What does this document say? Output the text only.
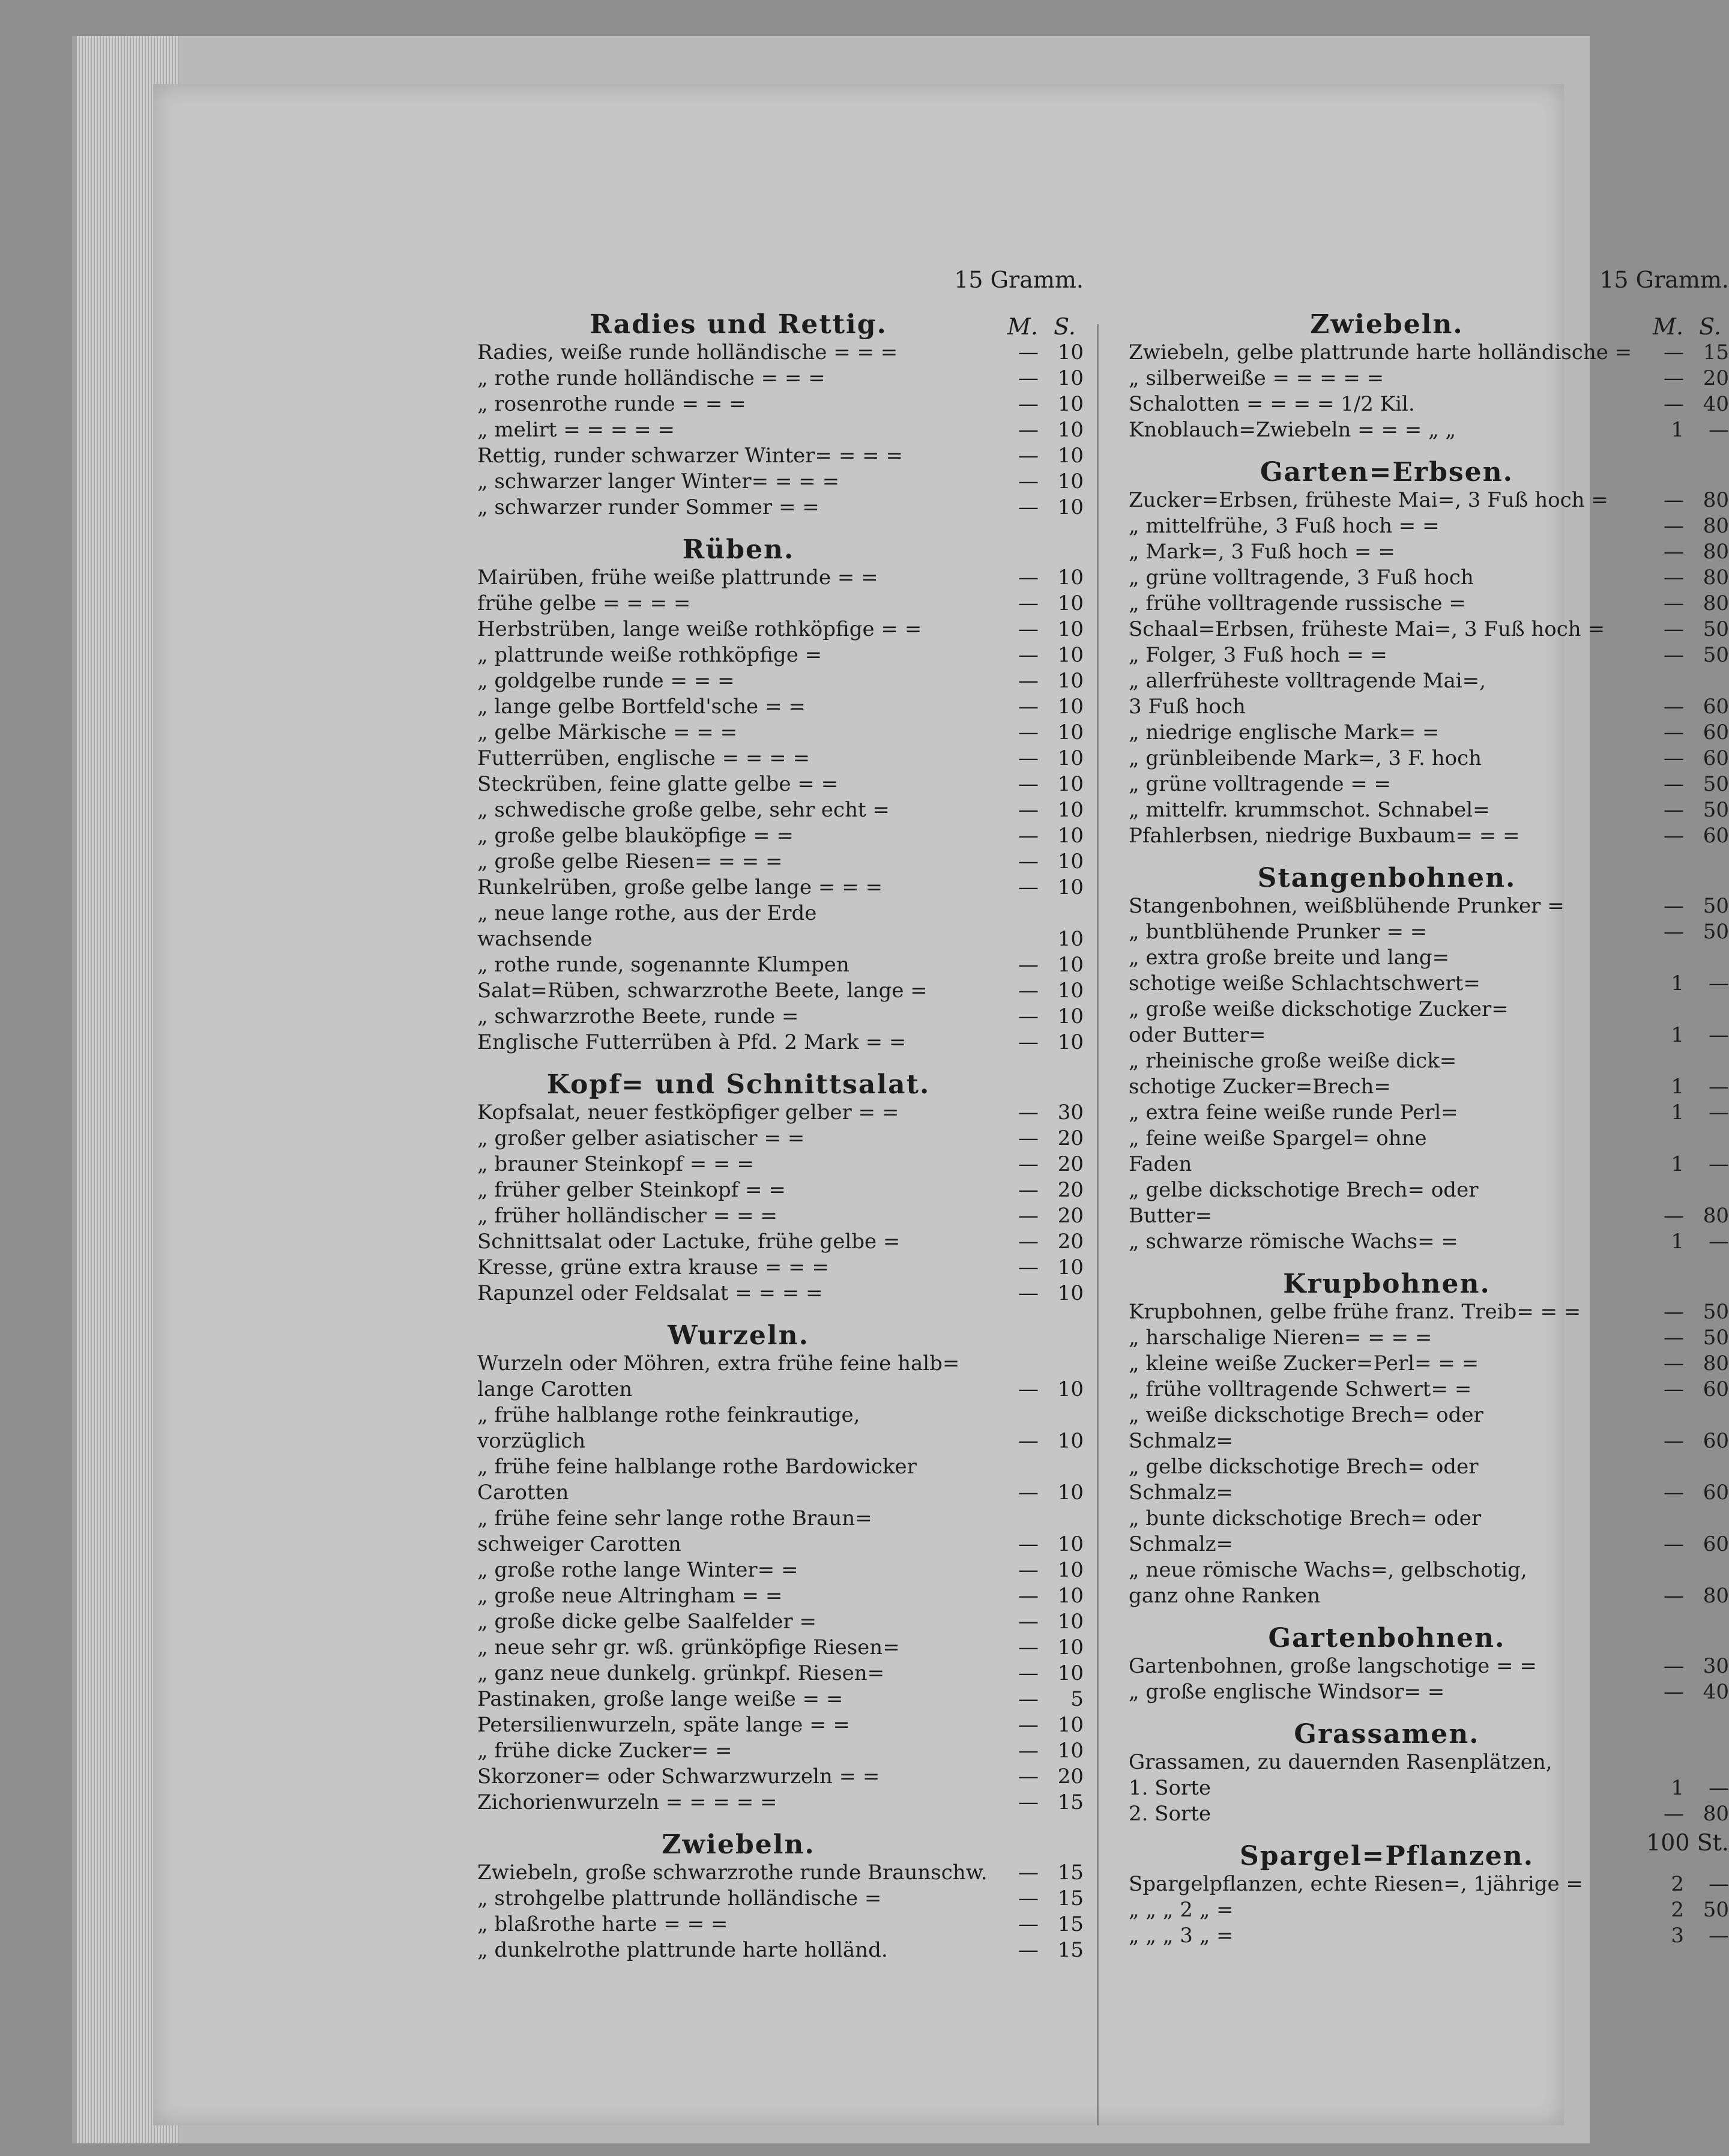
15 Gramm.
Radies und Rettig.	M. S.
Radies, weiße runde holländische = = =	— 10
„ rothe runde holländische = = =	— 10
„ rosenrothe runde = = =	— 10
„ melirt = = = = =	— 10
Rettig, runder schwarzer Winter= = = =	— 10
„ schwarzer langer Winter= = = =	— 10
„ schwarzer runder Sommer = =	— 10
Rüben.
Mairüben, frühe weiße plattrunde = =	— 10
frühe gelbe = = = =	— 10
Herbstrüben, lange weiße rothköpfige = =	— 10
„ plattrunde weiße rothköpfige =	— 10
„ goldgelbe runde = = =	— 10
„ lange gelbe Bortfeld'sche = =	— 10
„ gelbe Märkische = = =	— 10
Futterrüben, englische = = = =	— 10
Steckrüben, feine glatte gelbe = =	— 10
„ schwedische große gelbe, sehr echt =	— 10
„ große gelbe blauköpfige = =	— 10
„ große gelbe Riesen= = = =	— 10
Runkelrüben, große gelbe lange = = =	— 10
„ neue lange rothe, aus der Erde
wachsende	10
„ rothe runde, sogenannte Klumpen	— 10
Salat=Rüben, schwarzrothe Beete, lange =	— 10
„ schwarzrothe Beete, runde =	— 10
Englische Futterrüben à Pfd. 2 Mark = =	— 10
Kopf= und Schnittsalat.
Kopfsalat, neuer festköpfiger gelber = =	— 30
„ großer gelber asiatischer = =	— 20
„ brauner Steinkopf = = =	— 20
„ früher gelber Steinkopf = =	— 20
„ früher holländischer = = =	— 20
Schnittsalat oder Lactuke, frühe gelbe =	— 20
Kresse, grüne extra krause = = =	— 10
Rapunzel oder Feldsalat = = = =	— 10
Wurzeln.
Wurzeln oder Möhren, extra frühe feine halb=
lange Carotten	— 10
„ frühe halblange rothe feinkrautige,
vorzüglich	— 10
„ frühe feine halblange rothe Bardowicker
Carotten	— 10
„ frühe feine sehr lange rothe Braun=
schweiger Carotten	— 10
„ große rothe lange Winter= =	— 10
„ große neue Altringham = =	— 10
„ große dicke gelbe Saalfelder =	— 10
„ neue sehr gr. wß. grünköpfige Riesen=	— 10
„ ganz neue dunkelg. grünkpf. Riesen=	— 10
Pastinaken, große lange weiße = =	—	5
Petersilienwurzeln, späte lange = =	— 10
„ frühe dicke Zucker= =	— 10
Skorzoner= oder Schwarzwurzeln = =	— 20
Zichorienwurzeln = = = = =	— 15
Zwiebeln.
Zwiebeln, große schwarzrothe runde Braunschw.	— 15
„ strohgelbe plattrunde holländische =	— 15
„ blaßrothe harte = = =	— 15
„ dunkelrothe plattrunde harte holländ.	— 15
15 Gramm.
Zwiebeln.	M. S.
Zwiebeln, gelbe plattrunde harte holländische =	— 15
„ silberweiße = = = = =	— 20
Schalotten = = = = 1/2 Kil.	— 40
Knoblauch=Zwiebeln = = = „ „	1	—
Garten=Erbsen.
Zucker=Erbsen, früheste Mai=, 3 Fuß hoch =	— 80
„ mittelfrühe, 3 Fuß hoch = =	— 80
„ Mark=, 3 Fuß hoch = =	— 80
„ grüne volltragende, 3 Fuß hoch	— 80
„ frühe volltragende russische =	— 80
Schaal=Erbsen, früheste Mai=, 3 Fuß hoch =	— 50
„ Folger, 3 Fuß hoch = =	— 50
„ allerfrüheste volltragende Mai=,
3 Fuß hoch	— 60
„ niedrige englische Mark= =	— 60
„ grünbleibende Mark=, 3 F. hoch	— 60
„ grüne volltragende = =	— 50
„ mittelfr. krummschot. Schnabel=	— 50
Pfahlerbsen, niedrige Buxbaum= = =	— 60
Stangenbohnen.
Stangenbohnen, weißblühende Prunker =	— 50
„ buntblühende Prunker = =	— 50
„ extra große breite und lang=
schotige weiße Schlachtschwert=	1	—
„ große weiße dickschotige Zucker=
oder Butter=	1	—
„ rheinische große weiße dick=
schotige Zucker=Brech=	1	—
„ extra feine weiße runde Perl=	1	—
„ feine weiße Spargel= ohne
Faden	1	—
„ gelbe dickschotige Brech= oder
Butter=	— 80
„ schwarze römische Wachs= =	1	—
Krupbohnen.
Krupbohnen, gelbe frühe franz. Treib= = =	— 50
„ harschalige Nieren= = = =	— 50
„ kleine weiße Zucker=Perl= = =	— 80
„ frühe volltragende Schwert= =	— 60
„ weiße dickschotige Brech= oder
Schmalz=	— 60
„ gelbe dickschotige Brech= oder
Schmalz=	— 60
„ bunte dickschotige Brech= oder
Schmalz=	— 60
„ neue römische Wachs=, gelbschotig,
ganz ohne Ranken	— 80
Gartenbohnen.
Gartenbohnen, große langschotige = =	— 30
„ große englische Windsor= =	— 40
Grassamen.
Grassamen, zu dauernden Rasenplätzen,
1. Sorte	1	—
2. Sorte	— 80
100 St.
Spargel=Pflanzen.
Spargelpflanzen, echte Riesen=, 1jährige =	2	—
„ „ „ 2 „ =	2 50
„ „ „ 3 „ =	3	—
